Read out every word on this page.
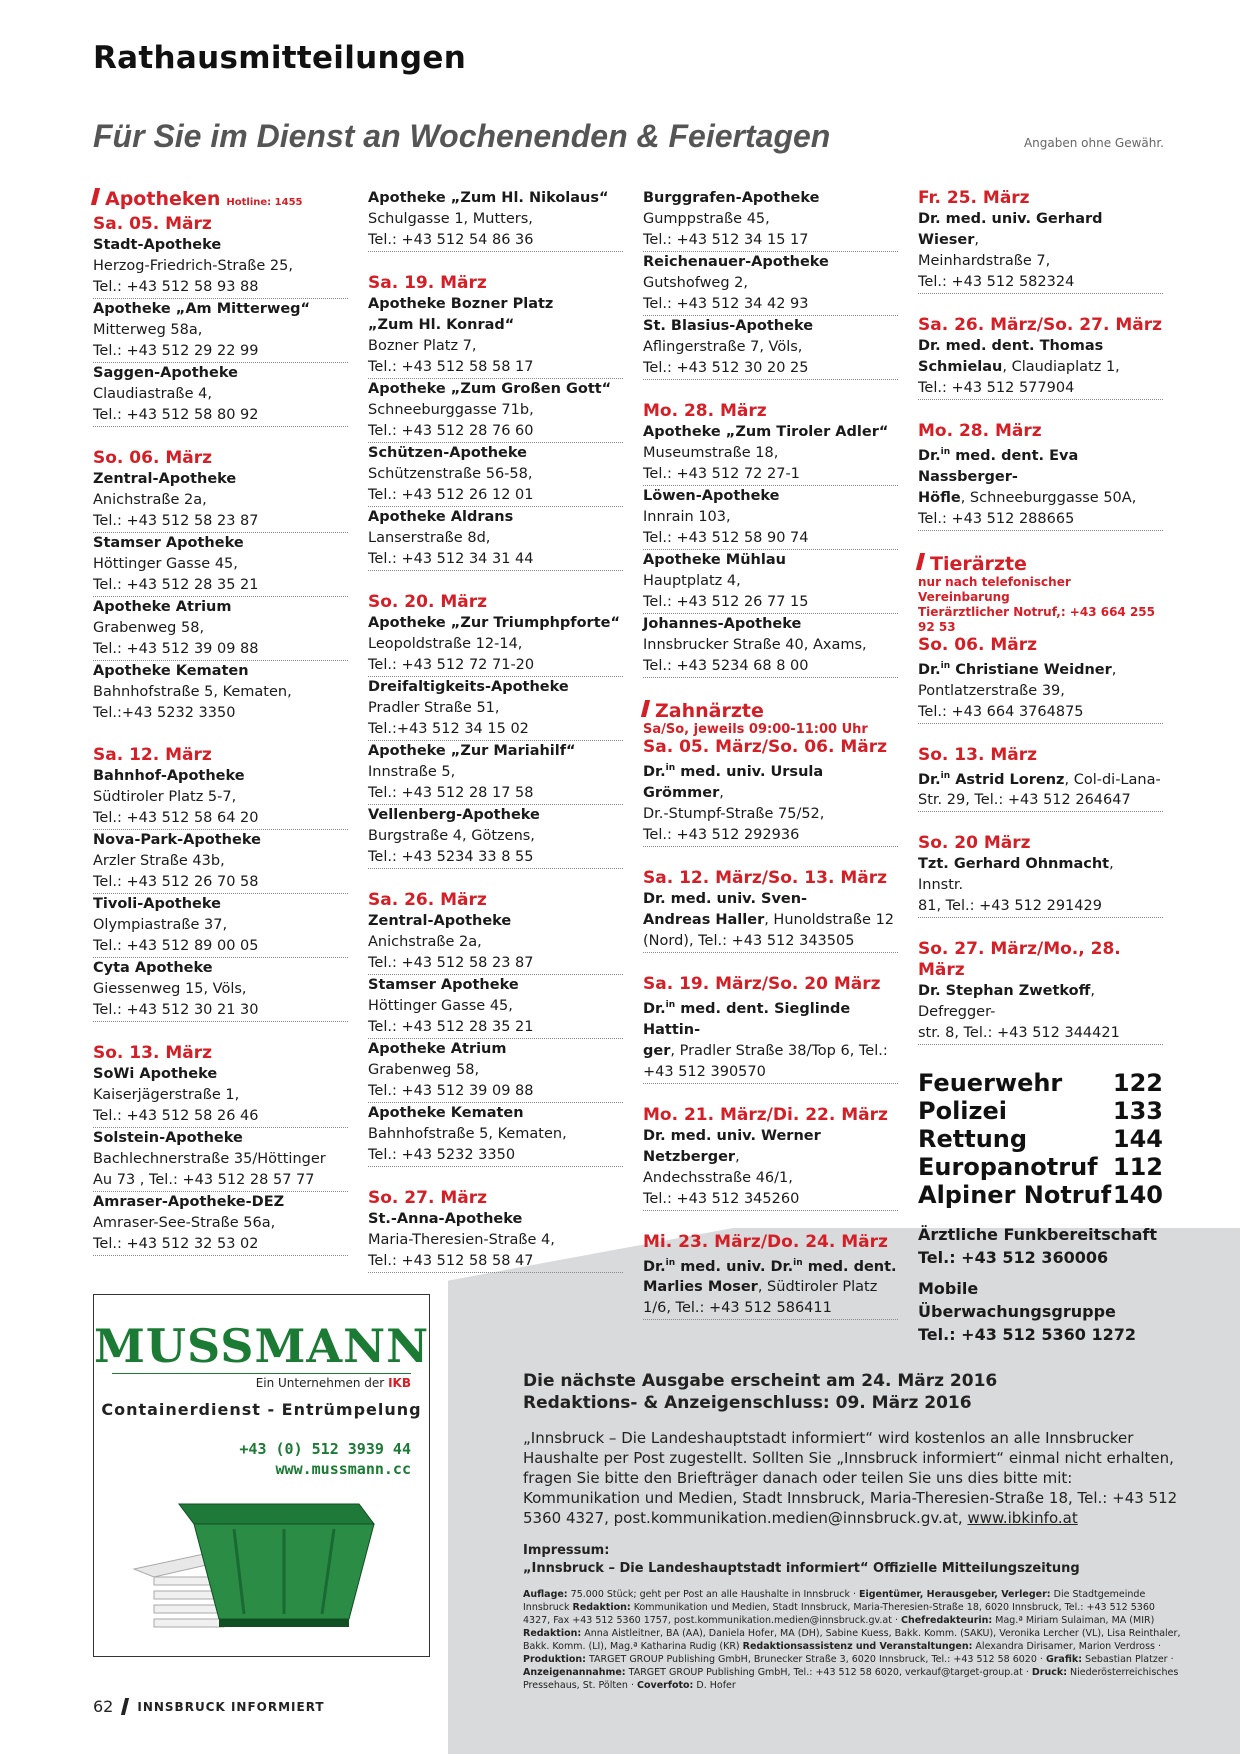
Rathausmitteilungen
Für Sie im Dienst an Wochenenden & Feiertagen	Angaben ohne Gewähr.
Apotheken Hotline: 1455
Sa. 05. März
Stadt-Apotheke
Herzog-Friedrich-Straße 25,
Tel.: +43 512 58 93 88
Apotheke „Am Mitterweg“
Mitterweg 58a,
Tel.: +43 512 29 22 99
Saggen-Apotheke
Claudiastraße 4,
Tel.: +43 512 58 80 92
So. 06. März
Zentral-Apotheke
Anichstraße 2a,
Tel.: +43 512 58 23 87
Stamser Apotheke
Höttinger Gasse 45,
Tel.: +43 512 28 35 21
Apotheke Atrium
Grabenweg 58,
Tel.: +43 512 39 09 88
Apotheke Kematen
Bahnhofstraße 5, Kematen,
Tel.:+43 5232 3350
Sa. 12. März
Bahnhof-Apotheke
Südtiroler Platz 5-7,
Tel.: +43 512 58 64 20
Nova-Park-Apotheke
Arzler Straße 43b,
Tel.: +43 512 26 70 58
Tivoli-Apotheke
Olympiastraße 37,
Tel.: +43 512 89 00 05
Cyta Apotheke
Giessenweg 15, Völs,
Tel.: +43 512 30 21 30
So. 13. März
SoWi Apotheke
Kaiserjägerstraße 1,
Tel.: +43 512 58 26 46
Solstein-Apotheke
Bachlechnerstraße 35/Höttinger
Au 73 , Tel.: +43 512 28 57 77
Amraser-Apotheke-DEZ
Amraser-See-Straße 56a,
Tel.: +43 512 32 53 02
Apotheke „Zum Hl. Nikolaus“
Schulgasse 1, Mutters,
Tel.: +43 512 54 86 36
Sa. 19. März
Apotheke Bozner Platz
„Zum Hl. Konrad“
Bozner Platz 7,
Tel.: +43 512 58 58 17
Apotheke „Zum Großen Gott“
Schneeburggasse 71b,
Tel.: +43 512 28 76 60
Schützen-Apotheke
Schützenstraße 56-58,
Tel.: +43 512 26 12 01
Apotheke Aldrans
Lanserstraße 8d,
Tel.: +43 512 34 31 44
So. 20. März
Apotheke „Zur Triumphpforte“
Leopoldstraße 12-14,
Tel.: +43 512 72 71-20
Dreifaltigkeits-Apotheke
Pradler Straße 51,
Tel.:+43 512 34 15 02
Apotheke „Zur Mariahilf“
Innstraße 5,
Tel.: +43 512 28 17 58
Vellenberg-Apotheke
Burgstraße 4, Götzens,
Tel.: +43 5234 33 8 55
Sa. 26. März
Zentral-Apotheke
Anichstraße 2a,
Tel.: +43 512 58 23 87
Stamser Apotheke
Höttinger Gasse 45,
Tel.: +43 512 28 35 21
Apotheke Atrium
Grabenweg 58,
Tel.: +43 512 39 09 88
Apotheke Kematen
Bahnhofstraße 5, Kematen,
Tel.: +43 5232 3350
So. 27. März
St.-Anna-Apotheke
Maria-Theresien-Straße 4,
Tel.: +43 512 58 58 47
Burggrafen-Apotheke
Gumppstraße 45,
Tel.: +43 512 34 15 17
Reichenauer-Apotheke
Gutshofweg 2,
Tel.: +43 512 34 42 93
St. Blasius-Apotheke
Aflingerstraße 7, Völs,
Tel.: +43 512 30 20 25
Mo. 28. März
Apotheke „Zum Tiroler Adler“
Museumstraße 18,
Tel.: +43 512 72 27-1
Löwen-Apotheke
Innrain 103,
Tel.: +43 512 58 90 74
Apotheke Mühlau
Hauptplatz 4,
Tel.: +43 512 26 77 15
Johannes-Apotheke
Innsbrucker Straße 40, Axams,
Tel.: +43 5234 68 8 00
Zahnärzte
Sa/So, jeweils 09:00-11:00 Uhr
Sa. 05. März/So. 06. März
Dr.$^{in}$ med. univ. Ursula Grömmer,
Dr.-Stumpf-Straße 75/52,
Tel.: +43 512 292936
Sa. 12. März/So. 13. März
Dr. med. univ. Sven-
Andreas Haller, Hunoldstraße 12
(Nord), Tel.: +43 512 343505
Sa. 19. März/So. 20 März
Dr.$^{in}$ med. dent. Sieglinde Hattin-
ger, Pradler Straße 38/Top 6, Tel.:
+43 512 390570
Mo. 21. März/Di. 22. März
Dr. med. univ. Werner Netzberger,
Andechsstraße 46/1,
Tel.: +43 512 345260
Mi. 23. März/Do. 24. März
Dr.$^{in}$ med. univ. Dr.$^{in}$ med. dent.
Marlies Moser, Südtiroler Platz
1/6, Tel.: +43 512 586411
Fr. 25. März
Dr. med. univ. Gerhard Wieser,
Meinhardstraße 7,
Tel.: +43 512 582324
Sa. 26. März/So. 27. März
Dr. med. dent. Thomas
Schmielau, Claudiaplatz 1,
Tel.: +43 512 577904
Mo. 28. März
Dr.$^{in}$ med. dent. Eva Nassberger-
Höfle, Schneeburggasse 50A,
Tel.: +43 512 288665
Tierärzte
nur nach telefonischer Vereinbarung
Tierärztlicher Notruf,: +43 664 255 92 53
So. 06. März
Dr.$^{in}$ Christiane Weidner,
Pontlatzerstraße 39,
Tel.: +43 664 3764875
So. 13. März
Dr.$^{in}$ Astrid Lorenz, Col-di-Lana-
Str. 29, Tel.: +43 512 264647
So. 20 März
Tzt. Gerhard Ohnmacht, Innstr.
81, Tel.: +43 512 291429
So. 27. März/Mo., 28. März
Dr. Stephan Zwetkoff, Defregger-
str. 8, Tel.: +43 512 344421
Feuerwehr 122
Polizei	133
Rettung	144
Europanotruf 112
Alpiner Notruf 140
Ärztliche Funkbereitschaft
Tel.: +43 512 360006
Mobile Überwachungsgruppe
Tel.: +43 512 5360 1272
MUSSMANN
Ein Unternehmen der IKB
Containerdienst - Entrümpelung
+43 (0) 512 3939 44
www.mussmann.cc
Die nächste Ausgabe erscheint am 24. März 2016
Redaktions- & Anzeigenschluss: 09. März 2016
„Innsbruck – Die Landeshauptstadt informiert“ wird kostenlos an alle Innsbrucker Haushalte per Post zugestellt. Sollten Sie „Innsbruck informiert“ einmal nicht erhalten, fragen Sie bitte den Briefträger danach oder teilen Sie uns dies bitte mit: Kommunikation und Medien, Stadt Innsbruck, Maria-Theresien-Straße 18, Tel.: +43 512 5360 4327, post.kommunikation.medien@innsbruck.gv.at, www.ibkinfo.at
Impressum:
„Innsbruck – Die Landeshauptstadt informiert“ Offizielle Mitteilungszeitung
Auflage: 75.000 Stück; geht per Post an alle Haushalte in Innsbruck · Eigentümer, Herausgeber, Verleger: Die Stadtgemeinde Innsbruck Redaktion: Kommunikation und Medien, Stadt Innsbruck, Maria-Theresien-Straße 18, 6020 Innsbruck, Tel.: +43 512 5360 4327, Fax +43 512 5360 1757, post.kommunikation.medien@innsbruck.gv.at · Chefredakteurin: Mag.ª Miriam Sulaiman, MA (MIR) Redaktion: Anna Aistleitner, BA (AA), Daniela Hofer, MA (DH), Sabine Kuess, Bakk. Komm. (SAKU), Veronika Lercher (VL), Lisa Reinthaler, Bakk. Komm. (LI), Mag.ª Katharina Rudig (KR) Redaktionsassistenz und Veranstaltungen: Alexandra Dirisamer, Marion Verdross · Produktion: TARGET GROUP Publishing GmbH, Brunecker Straße 3, 6020 Innsbruck, Tel.: +43 512 58 6020 · Grafik: Sebastian Platzer · Anzeigenannahme: TARGET GROUP Publishing GmbH, Tel.: +43 512 58 6020, verkauf@target-group.at · Druck: Niederösterreichisches Pressehaus, St. Pölten · Coverfoto: D. Hofer
62 INNSBRUCK INFORMIERT
